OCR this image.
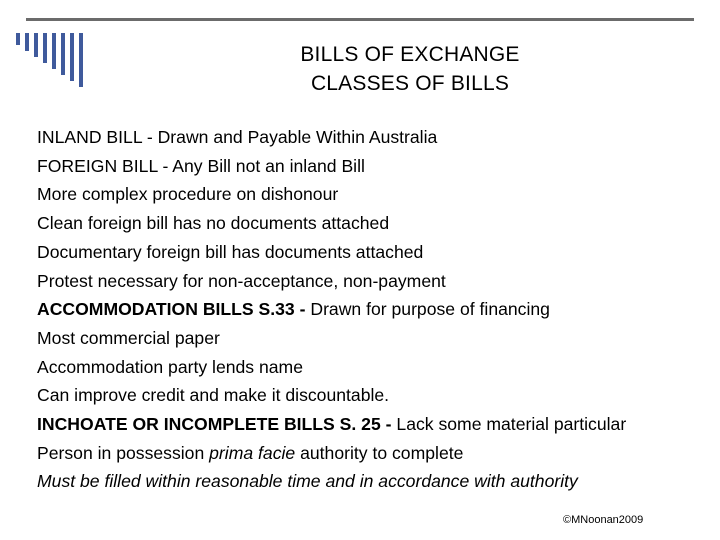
BILLS OF EXCHANGE
CLASSES OF BILLS
INLAND BILL - Drawn and Payable Within Australia
FOREIGN BILL - Any Bill not an inland Bill
More complex procedure on dishonour
Clean foreign bill has no documents attached
Documentary foreign bill has documents attached
Protest necessary for non-acceptance, non-payment
ACCOMMODATION BILLS S.33 - Drawn for purpose of financing
Most commercial paper
Accommodation party lends name
Can improve credit and make it discountable.
INCHOATE OR INCOMPLETE BILLS S. 25 - Lack some material particular
Person in possession prima facie authority to complete
Must be filled within reasonable time and in accordance with authority
©MNoonan2009
